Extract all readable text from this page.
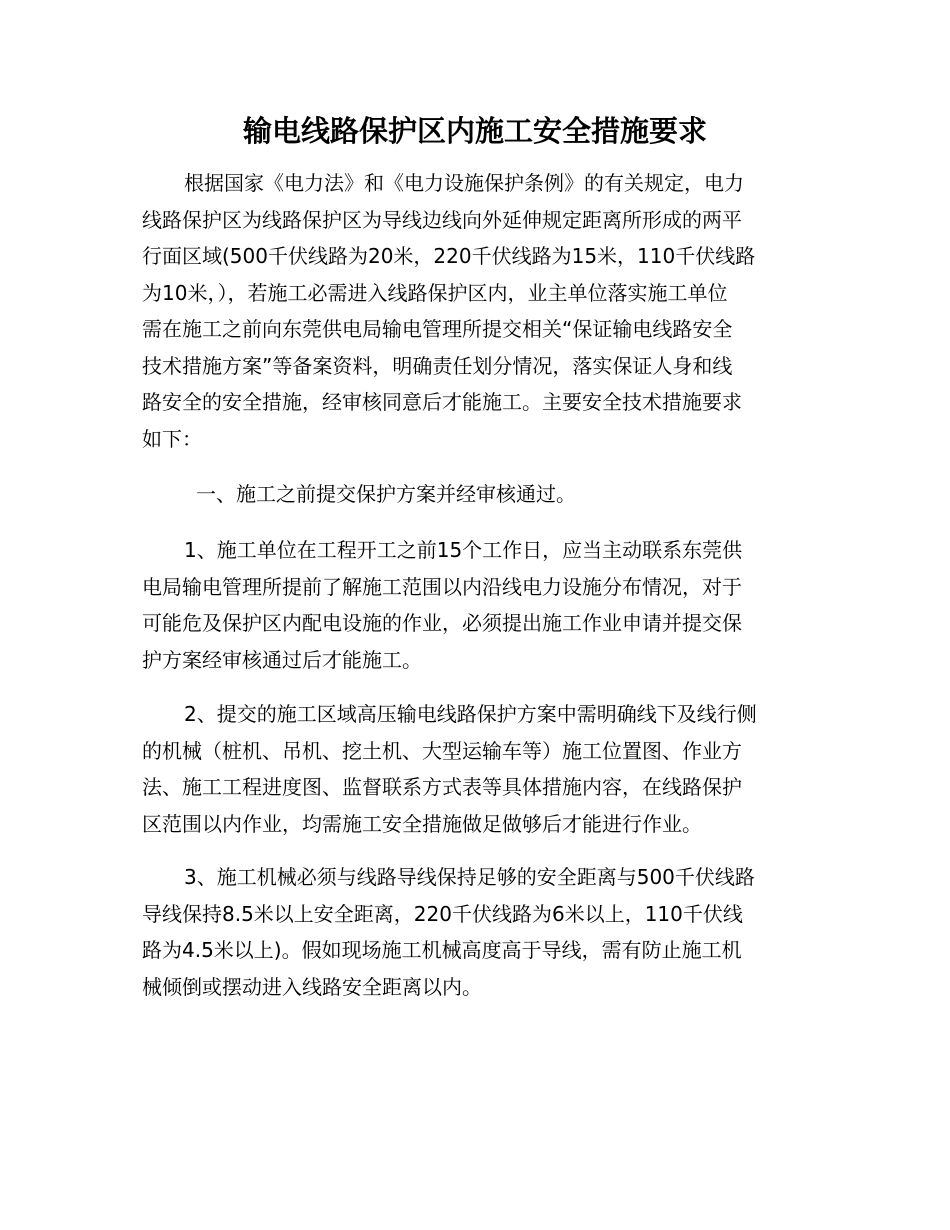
输电线路保护区内施工安全措施要求

根据国家《电力法》和《电力设施保护条例》的有关规定，电力
线路保护区为线路保护区为导线边线向外延伸规定距离所形成的两平
行面区域(500千伏线路为20米，220千伏线路为15米，110千伏线路
为10米，），若施工必需进入线路保护区内，业主单位落实施工单位
需在施工之前向东莞供电局输电管理所提交相关“保证输电线路安全
技术措施方案”等备案资料，明确责任划分情况，落实保证人身和线
路安全的安全措施，经审核同意后才能施工。主要安全技术措施要求
如下：

一、施工之前提交保护方案并经审核通过。

1、施工单位在工程开工之前15个工作日，应当主动联系东莞供
电局输电管理所提前了解施工范围以内沿线电力设施分布情况，对于
可能危及保护区内配电设施的作业，必须提出施工作业申请并提交保
护方案经审核通过后才能施工。

2、提交的施工区域高压输电线路保护方案中需明确线下及线行侧
的机械（桩机、吊机、挖土机、大型运输车等）施工位置图、作业方
法、施工工程进度图、监督联系方式表等具体措施内容，在线路保护
区范围以内作业，均需施工安全措施做足做够后才能进行作业。

3、施工机械必须与线路导线保持足够的安全距离与500千伏线路
导线保持8.5米以上安全距离，220千伏线路为6米以上，110千伏线
路为4.5米以上)。假如现场施工机械高度高于导线，需有防止施工机
械倾倒或摆动进入线路安全距离以内。
